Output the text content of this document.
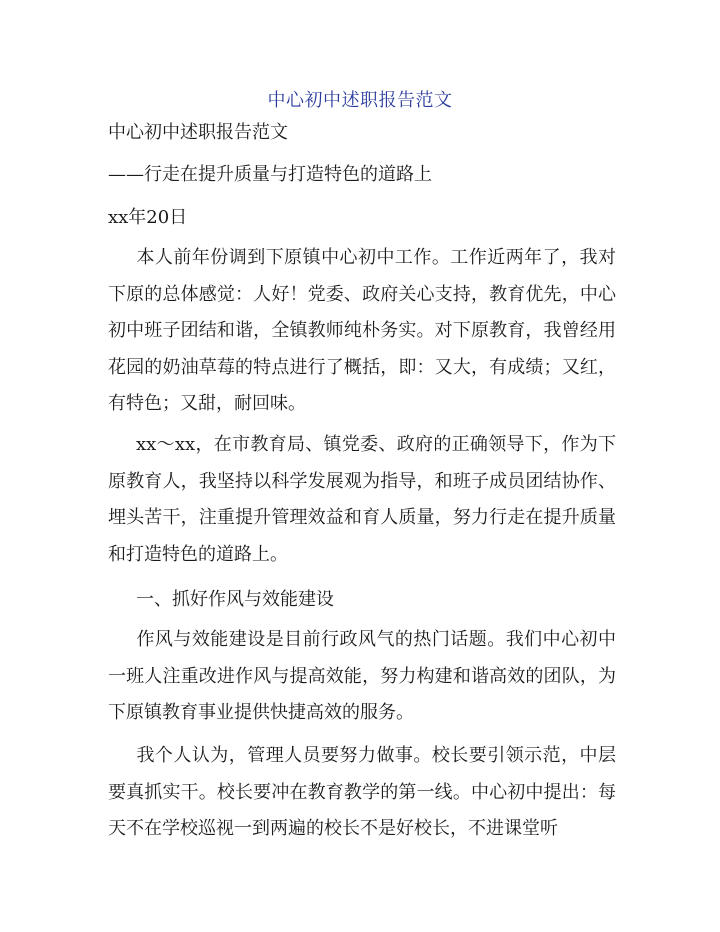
中心初中述职报告范文
中心初中述职报告范文
——行走在提升质量与打造特色的道路上
xx年20日
本人前年份调到下原镇中心初中工作。工作近两年了，我对下原的总体感觉：人好！党委、政府关心支持，教育优先，中心初中班子团结和谐，全镇教师纯朴务实。对下原教育，我曾经用花园的奶油草莓的特点进行了概括，即：又大，有成绩；又红，有特色；又甜，耐回味。
xx～xx，在市教育局、镇党委、政府的正确领导下，作为下原教育人，我坚持以科学发展观为指导，和班子成员团结协作、埋头苦干，注重提升管理效益和育人质量，努力行走在提升质量和打造特色的道路上。
一、抓好作风与效能建设
作风与效能建设是目前行政风气的热门话题。我们中心初中一班人注重改进作风与提高效能，努力构建和谐高效的团队，为下原镇教育事业提供快捷高效的服务。
我个人认为，管理人员要努力做事。校长要引领示范，中层要真抓实干。校长要冲在教育教学的第一线。中心初中提出：每天不在学校巡视一到两遍的校长不是好校长，不进课堂听
